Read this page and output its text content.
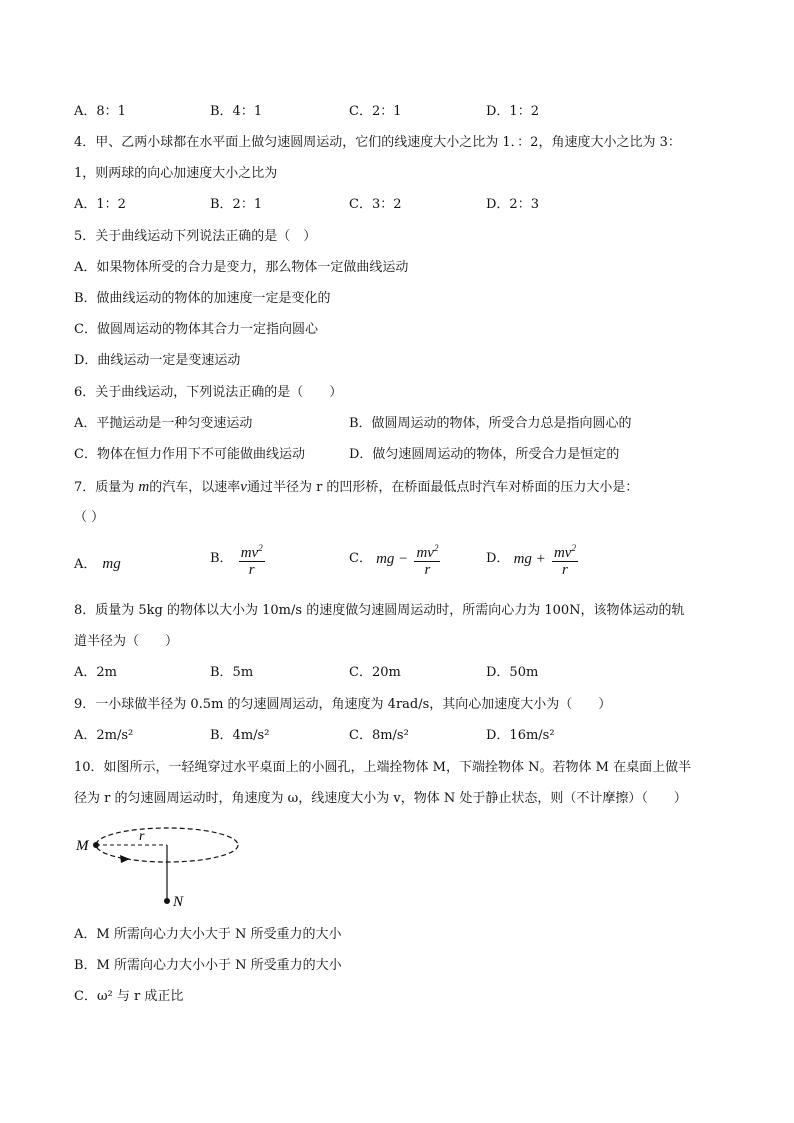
A．8：1	B．4：1	C．2：1	D．1：2
4．甲、乙两小球都在水平面上做匀速圆周运动，它们的线速度大小之比为 1．：2，角速度大小之比为 3：
1，则两球的向心加速度大小之比为
A．1：2	B．2：1	C．3：2	D．2：3
5．关于曲线运动下列说法正确的是（　）
A．如果物体所受的合力是变力，那么物体一定做曲线运动
B．做曲线运动的物体的加速度一定是变化的
C．做圆周运动的物体其合力一定指向圆心
D．曲线运动一定是变速运动
6．关于曲线运动，下列说法正确的是（　　）
A．平抛运动是一种匀变速运动	B．做圆周运动的物体，所受合力总是指向圆心的
C．物体在恒力作用下不可能做曲线运动	D．做匀速圆周运动的物体，所受合力是恒定的
7．质量为 m的汽车，以速率v通过半径为 r 的凹形桥，在桥面最低点时汽车对桥面的压力大小是：
（ ）
A． mg	B． $\frac{mv^2}{r}$	C． mg − $\frac{mv^2}{r}$	D． mg + $\frac{mv^2}{r}$
8．质量为 5kg 的物体以大小为 10m/s 的速度做匀速圆周运动时，所需向心力为 100N，该物体运动的轨
道半径为（　　）
A．2m	B．5m	C．20m	D．50m
9．一小球做半径为 0.5m 的匀速圆周运动，角速度为 4rad/s，其向心加速度大小为（　　）
A．2m/s²	B．4m/s²	C．8m/s²	D．16m/s²
10．如图所示，一轻绳穿过水平桌面上的小圆孔，上端拴物体 M，下端拴物体 N。若物体 M 在桌面上做半
径为 r 的匀速圆周运动时，角速度为 ω，线速度大小为 v，物体 N 处于静止状态，则（不计摩擦）（　　）
M
r
N
A．M 所需向心力大小大于 N 所受重力的大小
B．M 所需向心力大小小于 N 所受重力的大小
C．ω² 与 r 成正比
